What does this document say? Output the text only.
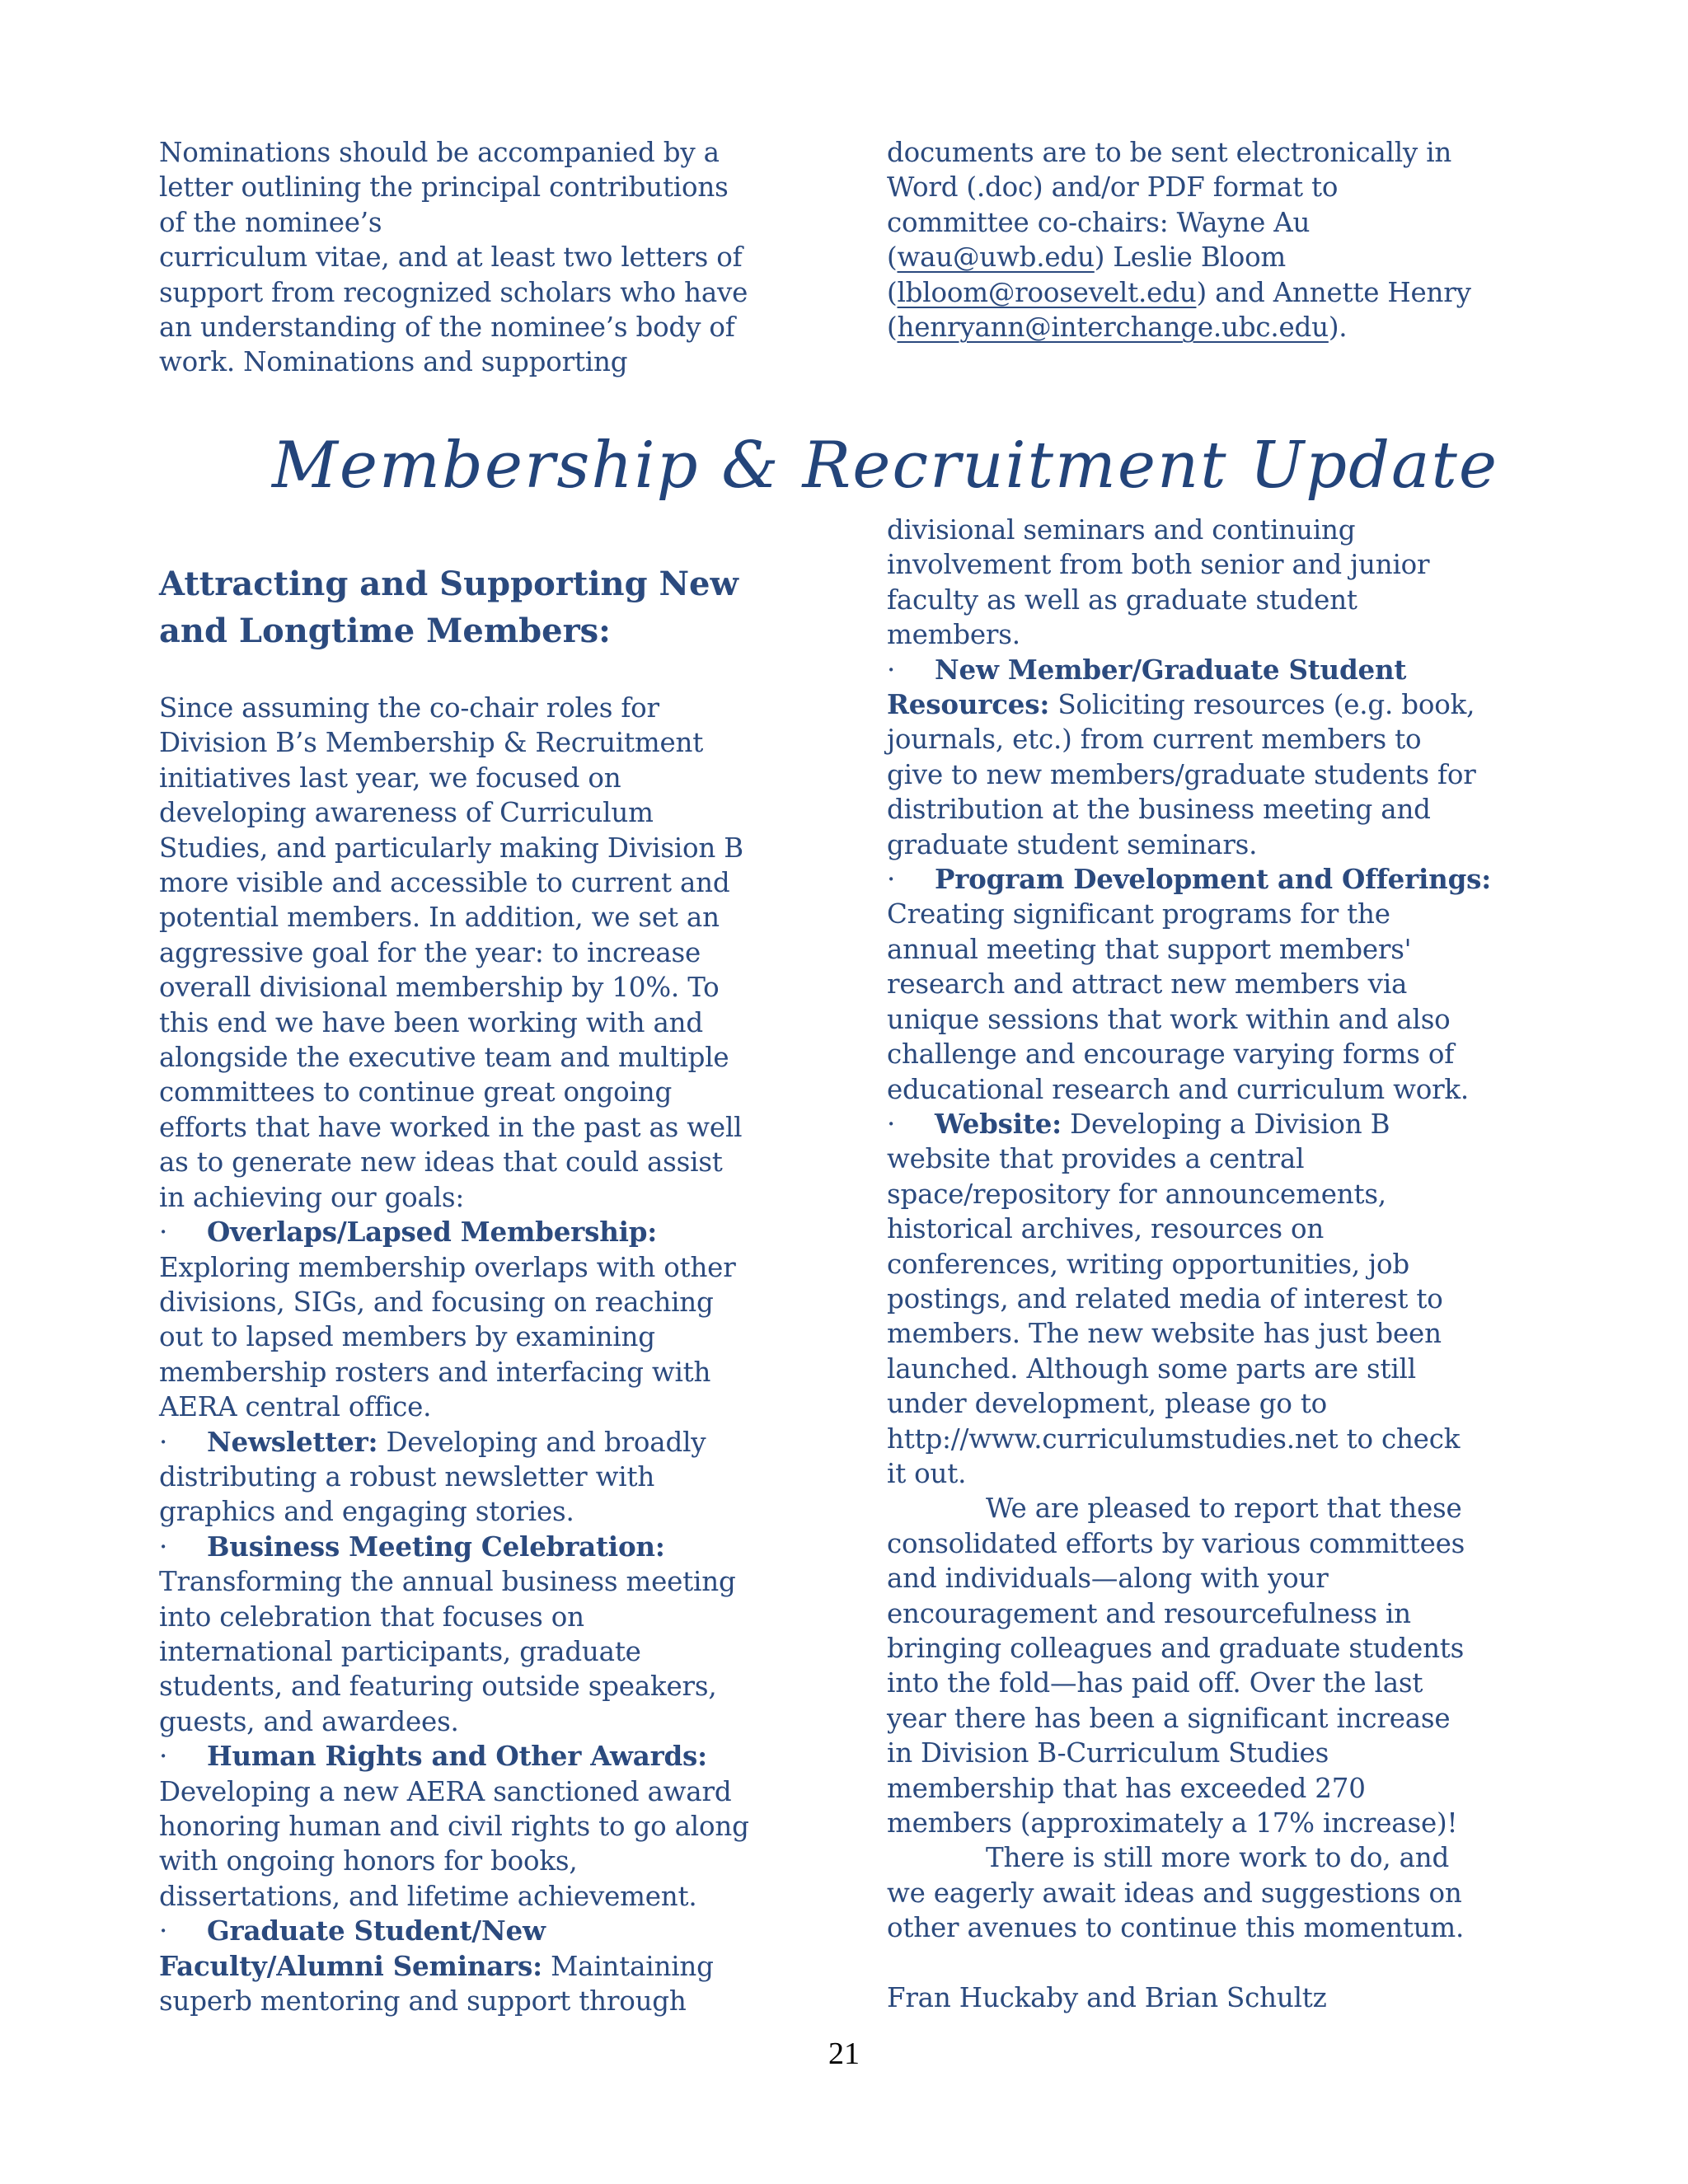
Nominations should be accompanied by a

letter outlining the principal contributions

of the nominee’s

curriculum vitae, and at least two letters of

support from recognized scholars who have

an understanding of the nominee’s body of

work. Nominations and supporting

documents are to be sent electronically in

Word (.doc) and/or PDF format to

committee co-chairs: Wayne Au

(wau@uwb.edu) Leslie Bloom

(lbloom@roosevelt.edu) and Annette Henry

(henryann@interchange.ubc.edu).

Membership & Recruitment Update
Attracting and Supporting New
and Longtime Members:

Since assuming the co-chair roles for

Division B’s Membership & Recruitment

initiatives last year, we focused on

developing awareness of Curriculum

Studies, and particularly making Division B

more visible and accessible to current and

potential members. In addition, we set an

aggressive goal for the year: to increase

overall divisional membership by 10%. To

this end we have been working with and

alongside the executive team and multiple

committees to continue great ongoing

efforts that have worked in the past as well

as to generate new ideas that could assist

in achieving our goals:

· Overlaps/Lapsed Membership:

Exploring membership overlaps with other

divisions, SIGs, and focusing on reaching

out to lapsed members by examining

membership rosters and interfacing with

AERA central office.

· Newsletter: Developing and broadly

distributing a robust newsletter with

graphics and engaging stories.

· Business Meeting Celebration:

Transforming the annual business meeting

into celebration that focuses on

international participants, graduate

students, and featuring outside speakers,

guests, and awardees.

· Human Rights and Other Awards:

Developing a new AERA sanctioned award

honoring human and civil rights to go along

with ongoing honors for books,

dissertations, and lifetime achievement.

· Graduate Student/New

Faculty/Alumni Seminars: Maintaining

superb mentoring and support through

divisional seminars and continuing

involvement from both senior and junior

faculty as well as graduate student

members.

· New Member/Graduate Student

Resources: Soliciting resources (e.g. book,

journals, etc.) from current members to

give to new members/graduate students for

distribution at the business meeting and

graduate student seminars.

· Program Development and Offerings:

Creating significant programs for the

annual meeting that support members'

research and attract new members via

unique sessions that work within and also

challenge and encourage varying forms of

educational research and curriculum work.

· Website: Developing a Division B

website that provides a central

space/repository for announcements,

historical archives, resources on

conferences, writing opportunities, job

postings, and related media of interest to

members. The new website has just been

launched. Although some parts are still

under development, please go to

http://www.curriculumstudies.net to check

it out.

We are pleased to report that these

consolidated efforts by various committees

and individuals—along with your

encouragement and resourcefulness in

bringing colleagues and graduate students

into the fold—has paid off. Over the last

year there has been a significant increase

in Division B-Curriculum Studies

membership that has exceeded 270

members (approximately a 17% increase)!

There is still more work to do, and

we eagerly await ideas and suggestions on

other avenues to continue this momentum.

Fran Huckaby and Brian Schultz

21
